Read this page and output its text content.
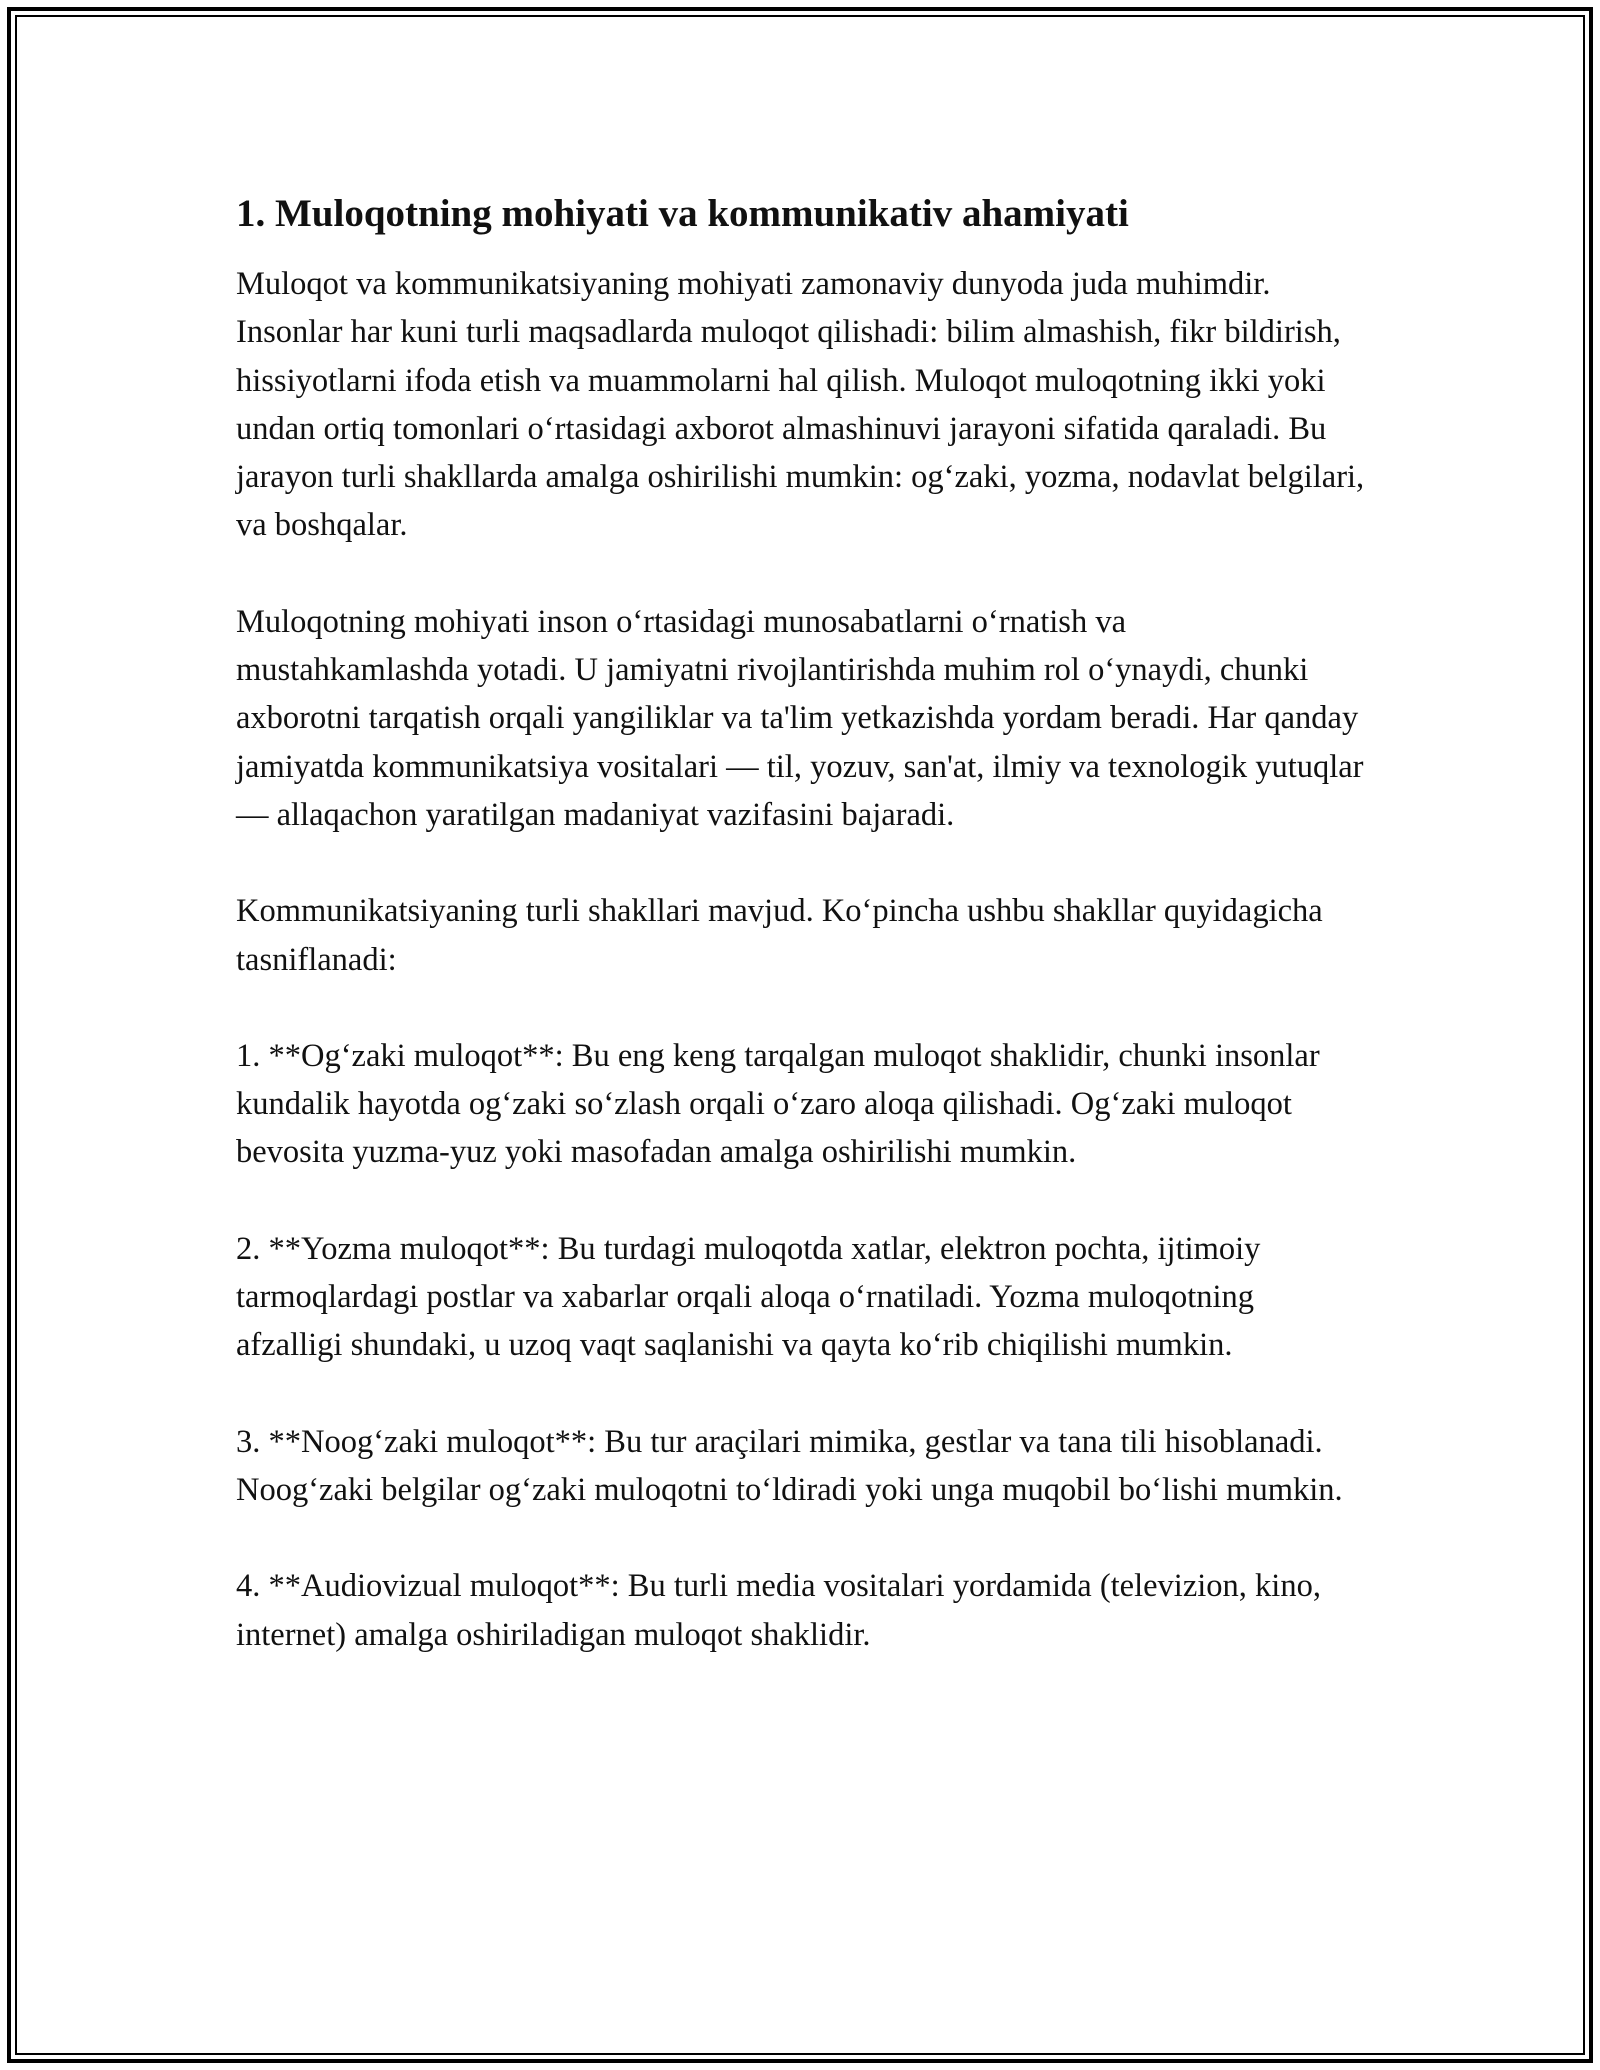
1. Muloqotning mohiyati va kommunikativ ahamiyati

Muloqot va kommunikatsiyaning mohiyati zamonaviy dunyoda juda muhimdir. Insonlar har kuni turli maqsadlarda muloqot qilishadi: bilim almashish, fikr bildirish, hissiyotlarni ifoda etish va muammolarni hal qilish. Muloqot muloqotning ikki yoki undan ortiq tomonlari o‘rtasidagi axborot almashinuvi jarayoni sifatida qaraladi. Bu jarayon turli shakllarda amalga oshirilishi mumkin: og‘zaki, yozma, nodavlat belgilari, va boshqalar.

Muloqotning mohiyati inson o‘rtasidagi munosabatlarni o‘rnatish va mustahkamlashda yotadi. U jamiyatni rivojlantirishda muhim rol o‘ynaydi, chunki axborotni tarqatish orqali yangiliklar va ta'lim yetkazishda yordam beradi. Har qanday jamiyatda kommunikatsiya vositalari — til, yozuv, san'at, ilmiy va texnologik yutuqlar — allaqachon yaratilgan madaniyat vazifasini bajaradi.

Kommunikatsiyaning turli shakllari mavjud. Ko‘pincha ushbu shakllar quyidagicha tasniflanadi:

1. **Og‘zaki muloqot**: Bu eng keng tarqalgan muloqot shaklidir, chunki insonlar kundalik hayotda og‘zaki so‘zlash orqali o‘zaro aloqa qilishadi. Og‘zaki muloqot bevosita yuzma-yuz yoki masofadan amalga oshirilishi mumkin.

2. **Yozma muloqot**: Bu turdagi muloqotda xatlar, elektron pochta, ijtimoiy tarmoqlardagi postlar va xabarlar orqali aloqa o‘rnatiladi. Yozma muloqotning afzalligi shundaki, u uzoq vaqt saqlanishi va qayta ko‘rib chiqilishi mumkin.

3. **Noog‘zaki muloqot**: Bu tur araçilari mimika, gestlar va tana tili hisoblanadi. Noog‘zaki belgilar og‘zaki muloqotni to‘ldiradi yoki unga muqobil bo‘lishi mumkin.

4. **Audiovizual muloqot**: Bu turli media vositalari yordamida (televizion, kino, internet) amalga oshiriladigan muloqot shaklidir.
